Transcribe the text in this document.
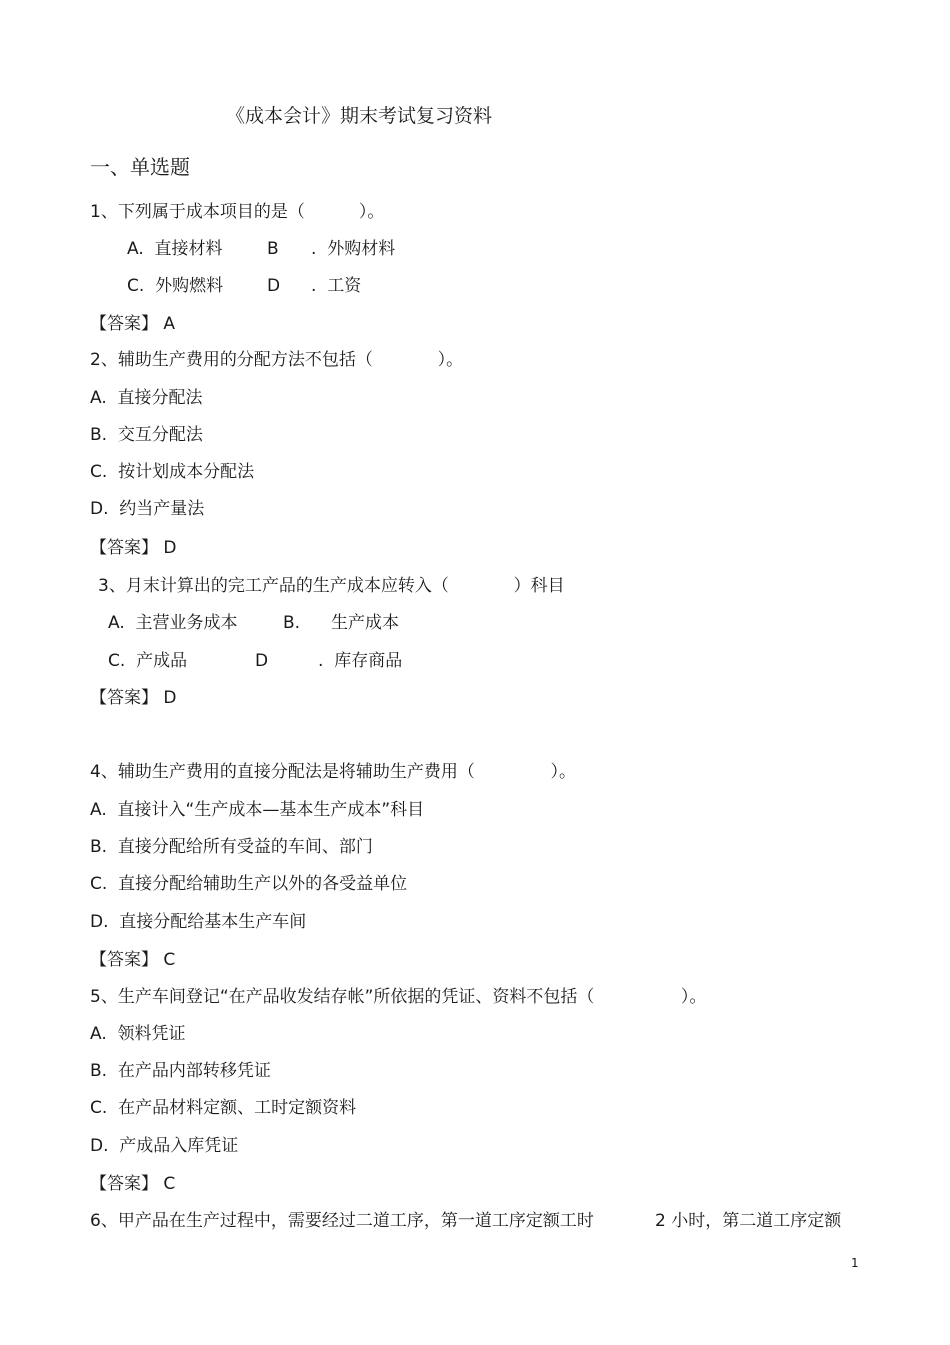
《成本会计》期末考试复习资料
一、单选题
1、下列属于成本项目的是（          ）。
A.  直接材料	B .  外购材料
C.  外购燃料	D .  工资
【答案】 A
2、辅助生产费用的分配方法不包括（            ）。
A.  直接分配法
B.  交互分配法
C.  按计划成本分配法
D.  约当产量法
【答案】 D
3、月末计算出的完工产品的生产成本应转入（            ）科目
A.  主营业务成本	B. 生产成本
C.  产成品	D	.  库存商品
【答案】 D
4、辅助生产费用的直接分配法是将辅助生产费用（              ）。
A.  直接计入“生产成本—基本生产成本”科目
B.  直接分配给所有受益的车间、部门
C.  直接分配给辅助生产以外的各受益单位
D.  直接分配给基本生产车间
【答案】 C
5、生产车间登记“在产品收发结存帐”所依据的凭证、资料不包括（                ）。
A.  领料凭证
B.  在产品内部转移凭证
C.  在产品材料定额、工时定额资料
D.  产成品入库凭证
【答案】 C
6、甲产品在生产过程中，需要经过二道工序，第一道工序定额工时	2 小时，第二道工序定额
1
